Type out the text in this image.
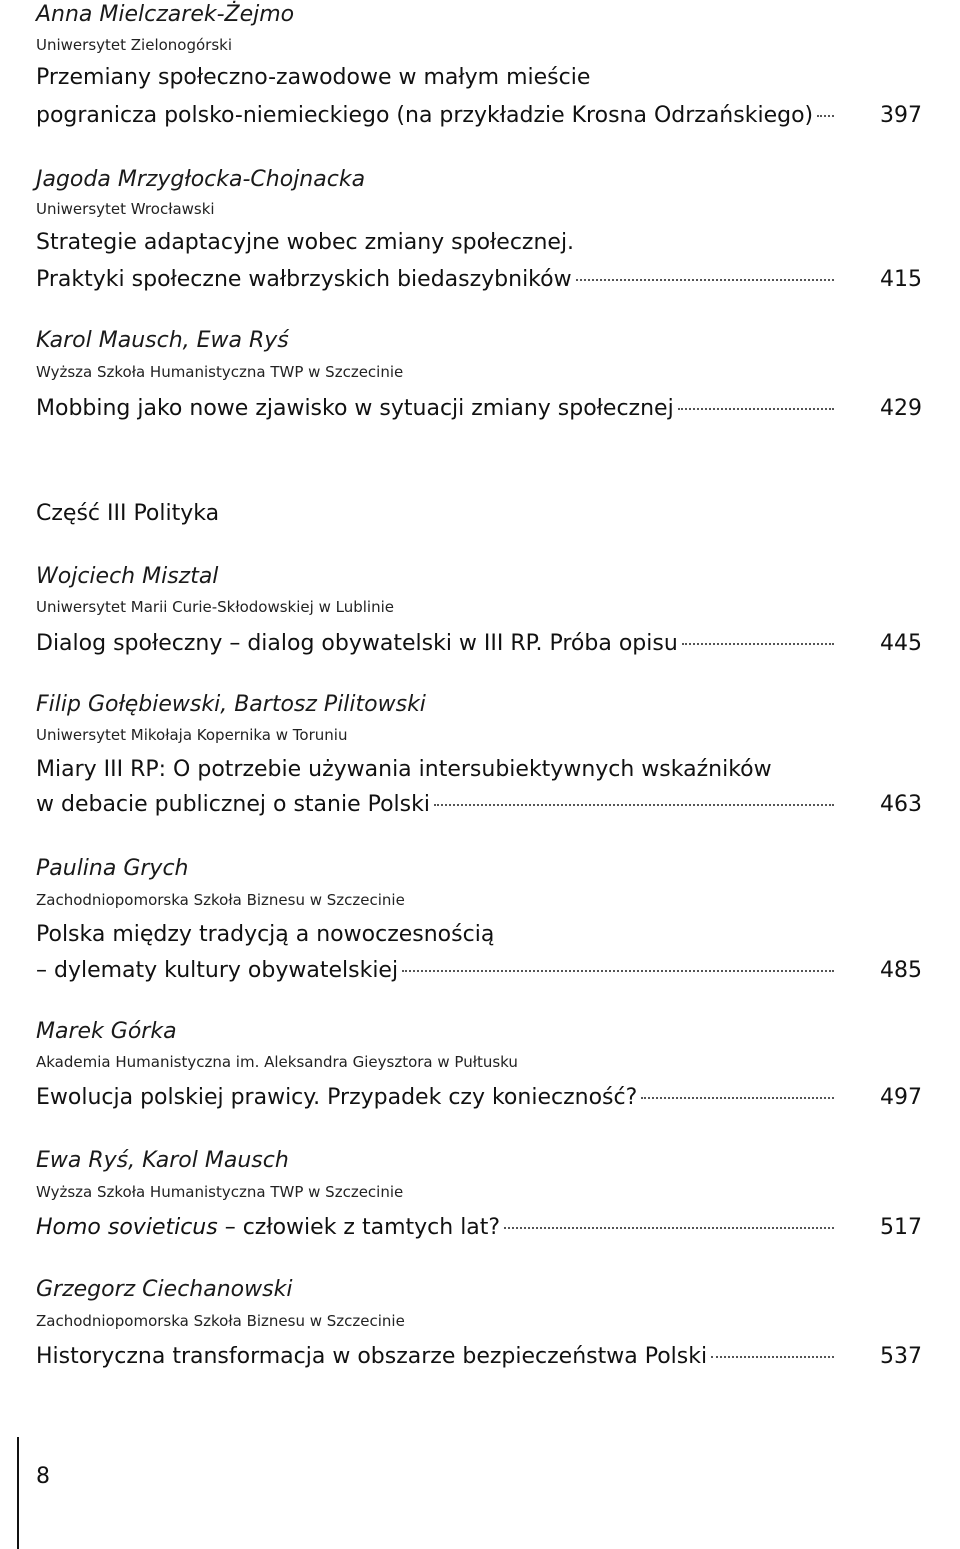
Anna Mielczarek-Żejmo
Uniwersytet Zielonogórski
Przemiany społeczno-zawodowe w małym mieście
pogranicza polsko-niemieckiego (na przykładzie Krosna Odrzańskiego)	397
Jagoda Mrzygłocka-Chojnacka
Uniwersytet Wrocławski
Strategie adaptacyjne wobec zmiany społecznej.
Praktyki społeczne wałbrzyskich biedaszybników	415
Karol Mausch, Ewa Ryś
Wyższa Szkoła Humanistyczna TWP w Szczecinie
Mobbing jako nowe zjawisko w sytuacji zmiany społecznej	429
Część III Polityka
Wojciech Misztal
Uniwersytet Marii Curie-Skłodowskiej w Lublinie
Dialog społeczny – dialog obywatelski w III RP. Próba opisu	445
Filip Gołębiewski, Bartosz Pilitowski
Uniwersytet Mikołaja Kopernika w Toruniu
Miary III RP: O potrzebie używania intersubiektywnych wskaźników
w debacie publicznej o stanie Polski	463
Paulina Grych
Zachodniopomorska Szkoła Biznesu w Szczecinie
Polska między tradycją a nowoczesnością
– dylematy kultury obywatelskiej	485
Marek Górka
Akademia Humanistyczna im. Aleksandra Gieysztora w Pułtusku
Ewolucja polskiej prawicy. Przypadek czy konieczność?	497
Ewa Ryś, Karol Mausch
Wyższa Szkoła Humanistyczna TWP w Szczecinie
Homo sovieticus – człowiek z tamtych lat?	517
Grzegorz Ciechanowski
Zachodniopomorska Szkoła Biznesu w Szczecinie
Historyczna transformacja w obszarze bezpieczeństwa Polski	537
8
